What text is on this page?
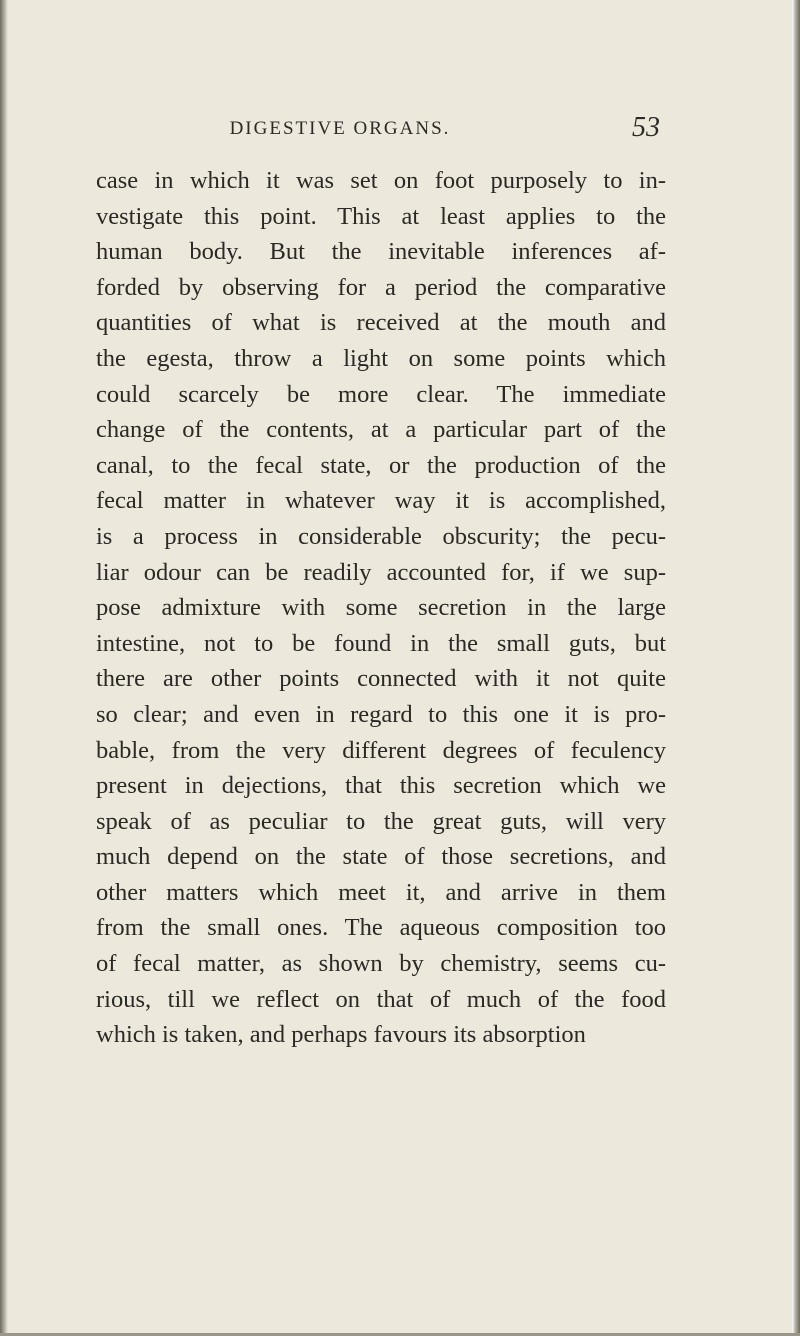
DIGESTIVE ORGANS.	53
case in which it was set on foot purposely to in-
vestigate this point. This at least applies to the
human body. But the inevitable inferences af-
forded by observing for a period the comparative
quantities of what is received at the mouth and
the egesta, throw a light on some points which
could scarcely be more clear. The immediate
change of the contents, at a particular part of the
canal, to the fecal state, or the production of the
fecal matter in whatever way it is accomplished,
is a process in considerable obscurity; the pecu-
liar odour can be readily accounted for, if we sup-
pose admixture with some secretion in the large
intestine, not to be found in the small guts, but
there are other points connected with it not quite
so clear; and even in regard to this one it is pro-
bable, from the very different degrees of feculency
present in dejections, that this secretion which we
speak of as peculiar to the great guts, will very
much depend on the state of those secretions, and
other matters which meet it, and arrive in them
from the small ones. The aqueous composition too
of fecal matter, as shown by chemistry, seems cu-
rious, till we reflect on that of much of the food
which is taken, and perhaps favours its absorption
